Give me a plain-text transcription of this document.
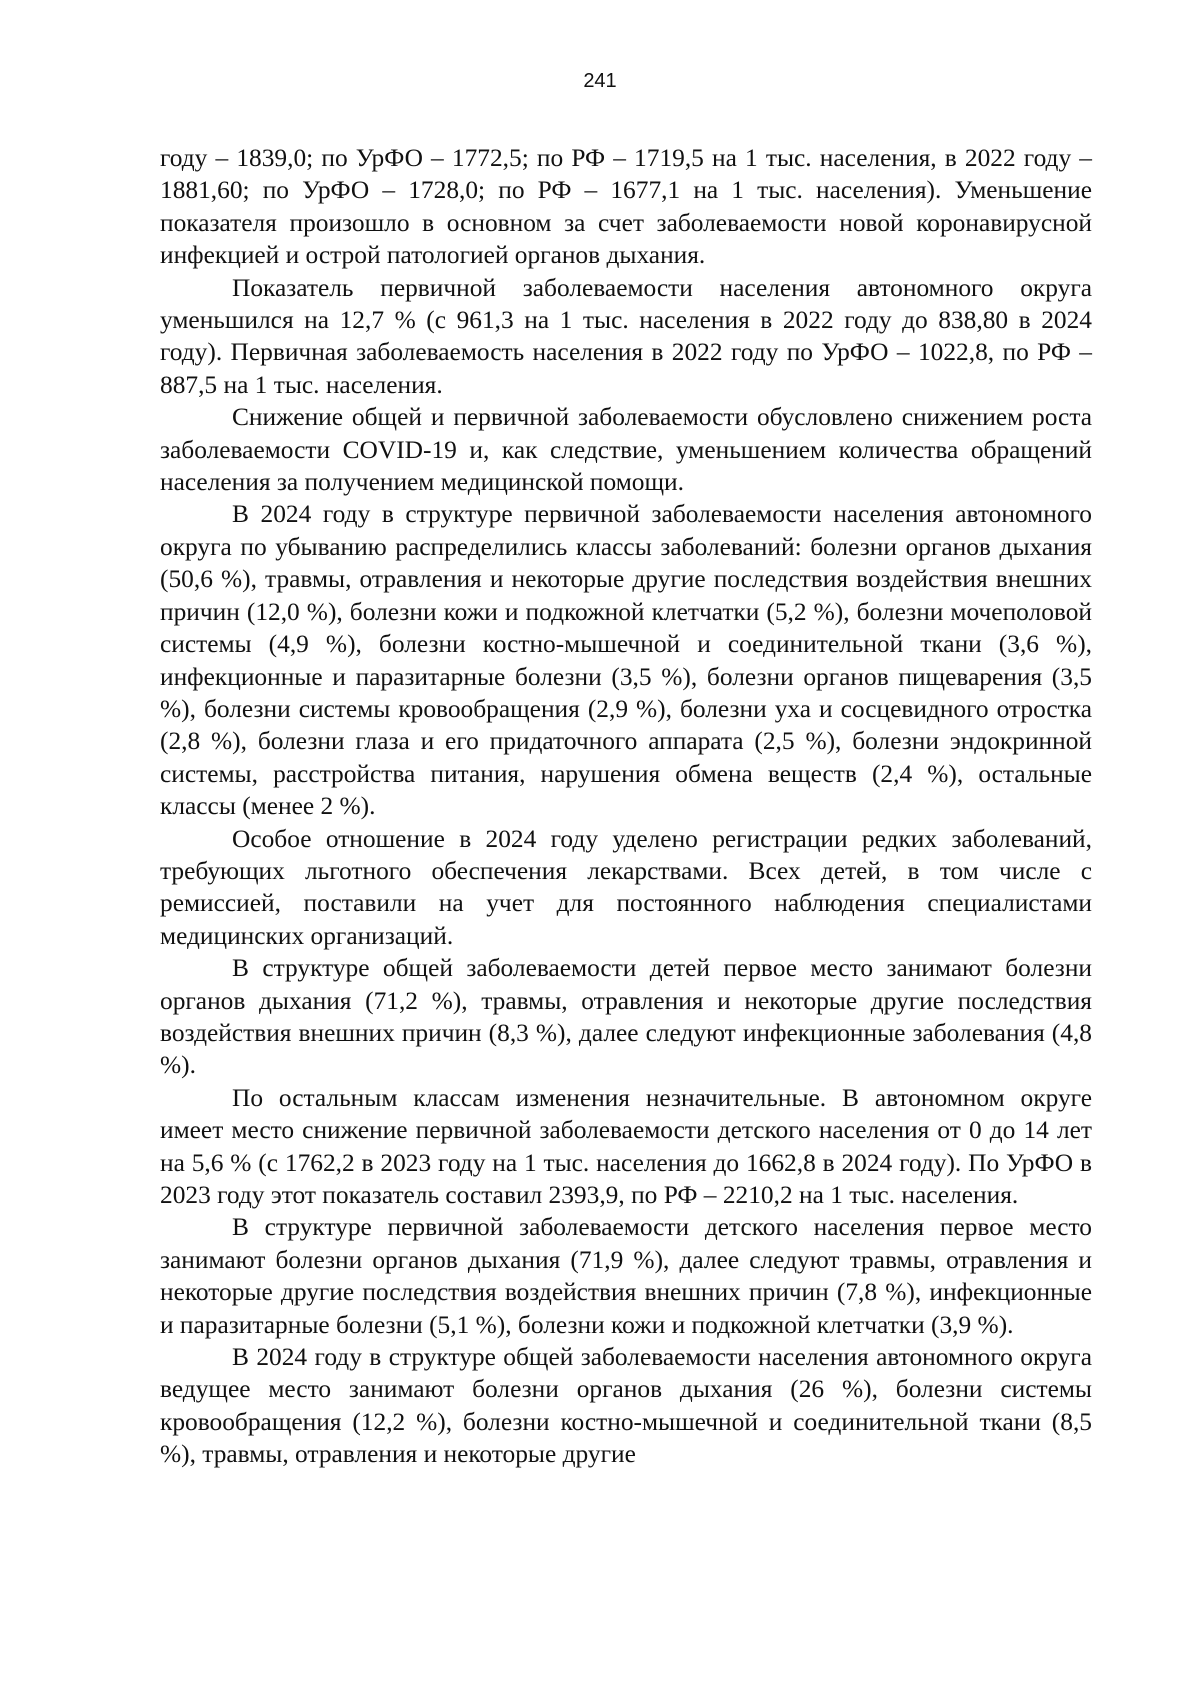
241

году – 1839,0; по УрФО – 1772,5; по РФ – 1719,5 на 1 тыс. населения, в 2022 году – 1881,60; по УрФО – 1728,0; по РФ – 1677,1 на 1 тыс. населения). Уменьшение показателя произошло в основном за счет заболеваемости новой коронавирусной инфекцией и острой патологией органов дыхания.

Показатель первичной заболеваемости населения автономного округа уменьшился на 12,7 % (с 961,3 на 1 тыс. населения в 2022 году до 838,80 в 2024 году). Первичная заболеваемость населения в 2022 году по УрФО – 1022,8, по РФ – 887,5 на 1 тыс. населения.

Снижение общей и первичной заболеваемости обусловлено снижением роста заболеваемости COVID-19 и, как следствие, уменьшением количества обращений населения за получением медицинской помощи.

В 2024 году в структуре первичной заболеваемости населения автономного округа по убыванию распределились классы заболеваний: болезни органов дыхания (50,6 %), травмы, отравления и некоторые другие последствия воздействия внешних причин (12,0 %), болезни кожи и подкожной клетчатки (5,2 %), болезни мочеполовой системы (4,9 %), болезни костно-мышечной и соединительной ткани (3,6 %), инфекционные и паразитарные болезни (3,5 %), болезни органов пищеварения (3,5 %), болезни системы кровообращения (2,9 %), болезни уха и сосцевидного отростка (2,8 %), болезни глаза и его придаточного аппарата (2,5 %), болезни эндокринной системы, расстройства питания, нарушения обмена веществ (2,4 %), остальные классы (менее 2 %).

Особое отношение в 2024 году уделено регистрации редких заболеваний, требующих льготного обеспечения лекарствами. Всех детей, в том числе с ремиссией, поставили на учет для постоянного наблюдения специалистами медицинских организаций.

В структуре общей заболеваемости детей первое место занимают болезни органов дыхания (71,2 %), травмы, отравления и некоторые другие последствия воздействия внешних причин (8,3 %), далее следуют инфекционные заболевания (4,8 %).

По остальным классам изменения незначительные. В автономном округе имеет место снижение первичной заболеваемости детского населения от 0 до 14 лет на 5,6 % (с 1762,2 в 2023 году на 1 тыс. населения до 1662,8 в 2024 году). По УрФО в 2023 году этот показатель составил 2393,9, по РФ – 2210,2 на 1 тыс. населения.

В структуре первичной заболеваемости детского населения первое место занимают болезни органов дыхания (71,9 %), далее следуют травмы, отравления и некоторые другие последствия воздействия внешних причин (7,8 %), инфекционные и паразитарные болезни (5,1 %), болезни кожи и подкожной клетчатки (3,9 %).

В 2024 году в структуре общей заболеваемости населения автономного округа ведущее место занимают болезни органов дыхания (26 %), болезни системы кровообращения (12,2 %), болезни костно-мышечной и соединительной ткани (8,5 %), травмы, отравления и некоторые другие
